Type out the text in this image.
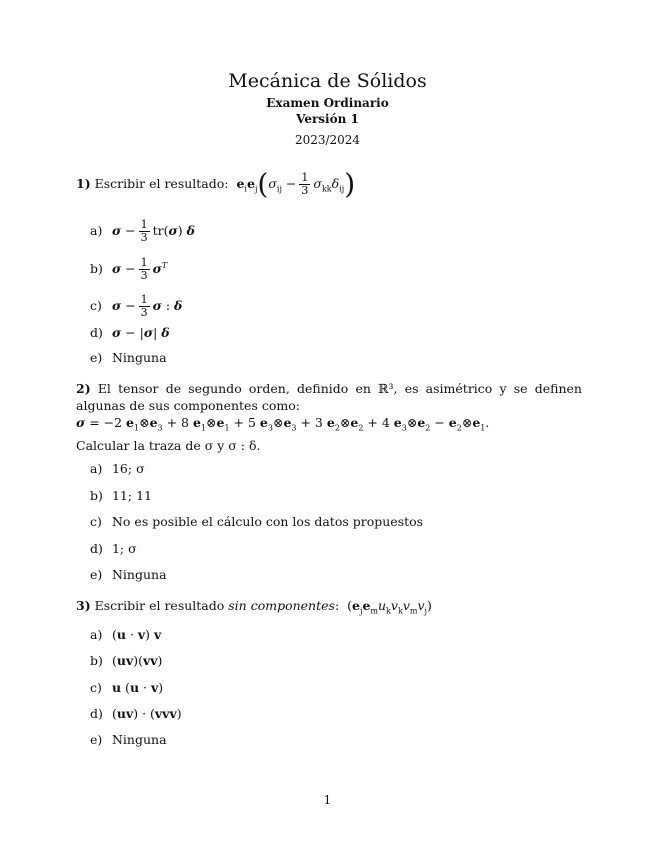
Mecánica de Sólidos
Examen Ordinario
Versión 1
2023/2024
1) Escribir el resultado: $e_ie_j(\sigma_{ij} - \frac{1}{3} \sigma_{kk}\delta_{ij})$
a) $\sigma - \frac{1}{3} tr(\sigma)$ δ
b) $\sigma - \frac{1}{3} \sigma^T$
c) $\sigma - \frac{1}{3}$ σ : δ
d) σ − |σ| δ
e) Ninguna
2) El tensor de segundo orden, definido en ℝ³, es asimétrico y se definen algunas de sus componentes como:
σ = −2 $e_1\otimes e_3 + 8$ $e_1\otimes e_1 + 5$ $e_3\otimes e_3 + 3$ $e_2\otimes e_2 + 4$ $e_3\otimes e_2$ − $e_2\otimes e_1$.
Calcular la traza de σ y σ : δ.
a) 16; σ
b) 11; 11
c) No es posible el cálculo con los datos propuestos
d) 1; σ
e) Ninguna
3) Escribir el resultado sin componentes:  $(e_je_mu_kv_kv_mv_j)$
a) (u · v) v
b) (uv)(vv)
c) u (u · v)
d) (uv) · (vvv)
e) Ninguna
1
